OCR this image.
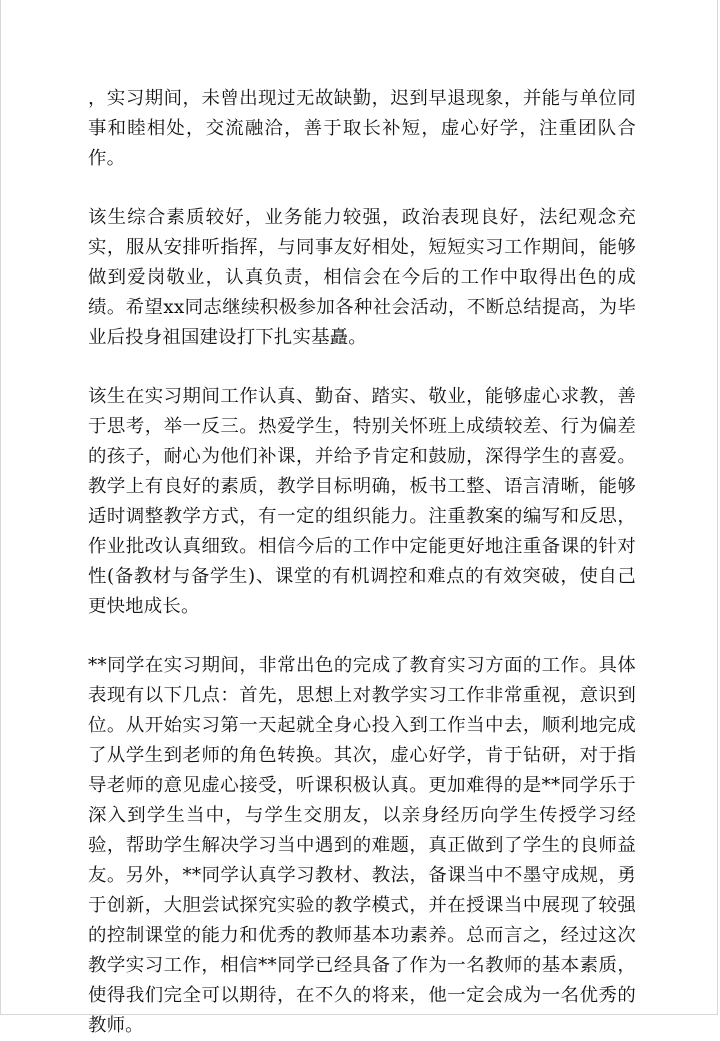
，实习期间，未曾出现过无故缺勤，迟到早退现象，并能与单位同事和睦相处，交流融洽，善于取长补短，虚心好学，注重团队合作。

该生综合素质较好，业务能力较强，政治表现良好，法纪观念充实，服从安排听指挥，与同事友好相处，短短实习工作期间，能够做到爱岗敬业，认真负责，相信会在今后的工作中取得出色的成绩。希望xx同志继续积极参加各种社会活动，不断总结提高，为毕业后投身祖国建设打下扎实基矗。

该生在实习期间工作认真、勤奋、踏实、敬业，能够虚心求教，善于思考，举一反三。热爱学生，特别关怀班上成绩较差、行为偏差的孩子，耐心为他们补课，并给予肯定和鼓励，深得学生的喜爱。教学上有良好的素质，教学目标明确，板书工整、语言清晰，能够适时调整教学方式，有一定的组织能力。注重教案的编写和反思，作业批改认真细致。相信今后的工作中定能更好地注重备课的针对性(备教材与备学生)、课堂的有机调控和难点的有效突破，使自己更快地成长。

**同学在实习期间，非常出色的完成了教育实习方面的工作。具体表现有以下几点：首先，思想上对教学实习工作非常重视，意识到位。从开始实习第一天起就全身心投入到工作当中去，顺利地完成了从学生到老师的角色转换。其次，虚心好学，肯于钻研，对于指导老师的意见虚心接受，听课积极认真。更加难得的是**同学乐于深入到学生当中，与学生交朋友，以亲身经历向学生传授学习经验，帮助学生解决学习当中遇到的难题，真正做到了学生的良师益友。另外，**同学认真学习教材、教法，备课当中不墨守成规，勇于创新，大胆尝试探究实验的教学模式，并在授课当中展现了较强的控制课堂的能力和优秀的教师基本功素养。总而言之，经过这次教学实习工作，相信**同学已经具备了作为一名教师的基本素质，使得我们完全可以期待，在不久的将来，他一定会成为一名优秀的教师。
